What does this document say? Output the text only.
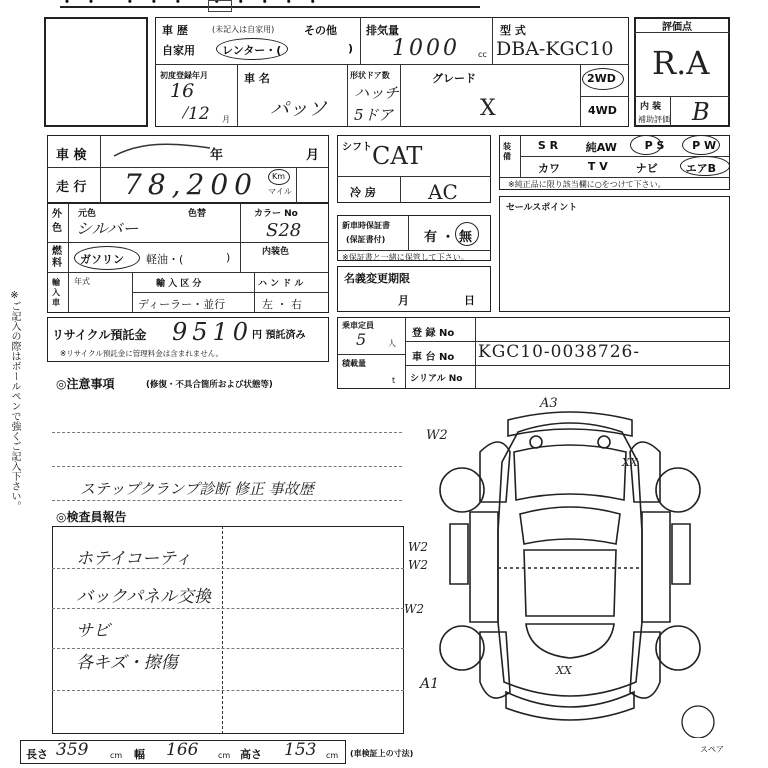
・・ ・・・ ・・・・・
車 歴	(未記入は自家用)	その他
自家用 レンター・(	)
排気量
1000 cc
型 式
DBA-KGC10
初度登録年月
16
12 月
車 名
パッソ
形状ドア数
ハッチ
5ドア
グレード
X
2WD
4WD
評価点
R.A
内 装
補助評価 B
車 検	年	月
走 行 78,200 Km
マイル
シフト CAT
冷 房	AC
装備
S R	純AW	P S	P W
カワ	T V	ナビ	エアB
※純正品に限り該当欄に○をつけて下さい。
外色
元色	色替
シルバー
カラー No
S28
内装色
燃料 ガソリン 軽油・(	)
輸入車
年式	輸 入 区 分	ハ ン ド ル
ディーラー・並行	左 ・ 右
新車時保証書
(保証書付)	有 ・ 無
※保証書と一緒に保管して下さい。
名義変更期限
月	日
セールスポイント
リサイクル預託金 9510
円 預託済み
※リサイクル預託金に管理料金は含まれません。
乗車定員
5	人
積載量
t
登 録 No
車 台 No KGC10-0038726-
シリアル No
※ご記入の際はボールペンで強くご記入下さい。	◎注意事項	(修復・不具合箇所および状態等)
ステップクランプ診断 修正 事故歴
◎検査員報告
ホテイコーティ
バックパネル交換
サビ
各キズ・擦傷
A3
W2
XX
W2
W2
W2
XX
A1
スペア
長さ 359	cm 幅 166 cm 高さ 153 cm (車検証上の寸法)
